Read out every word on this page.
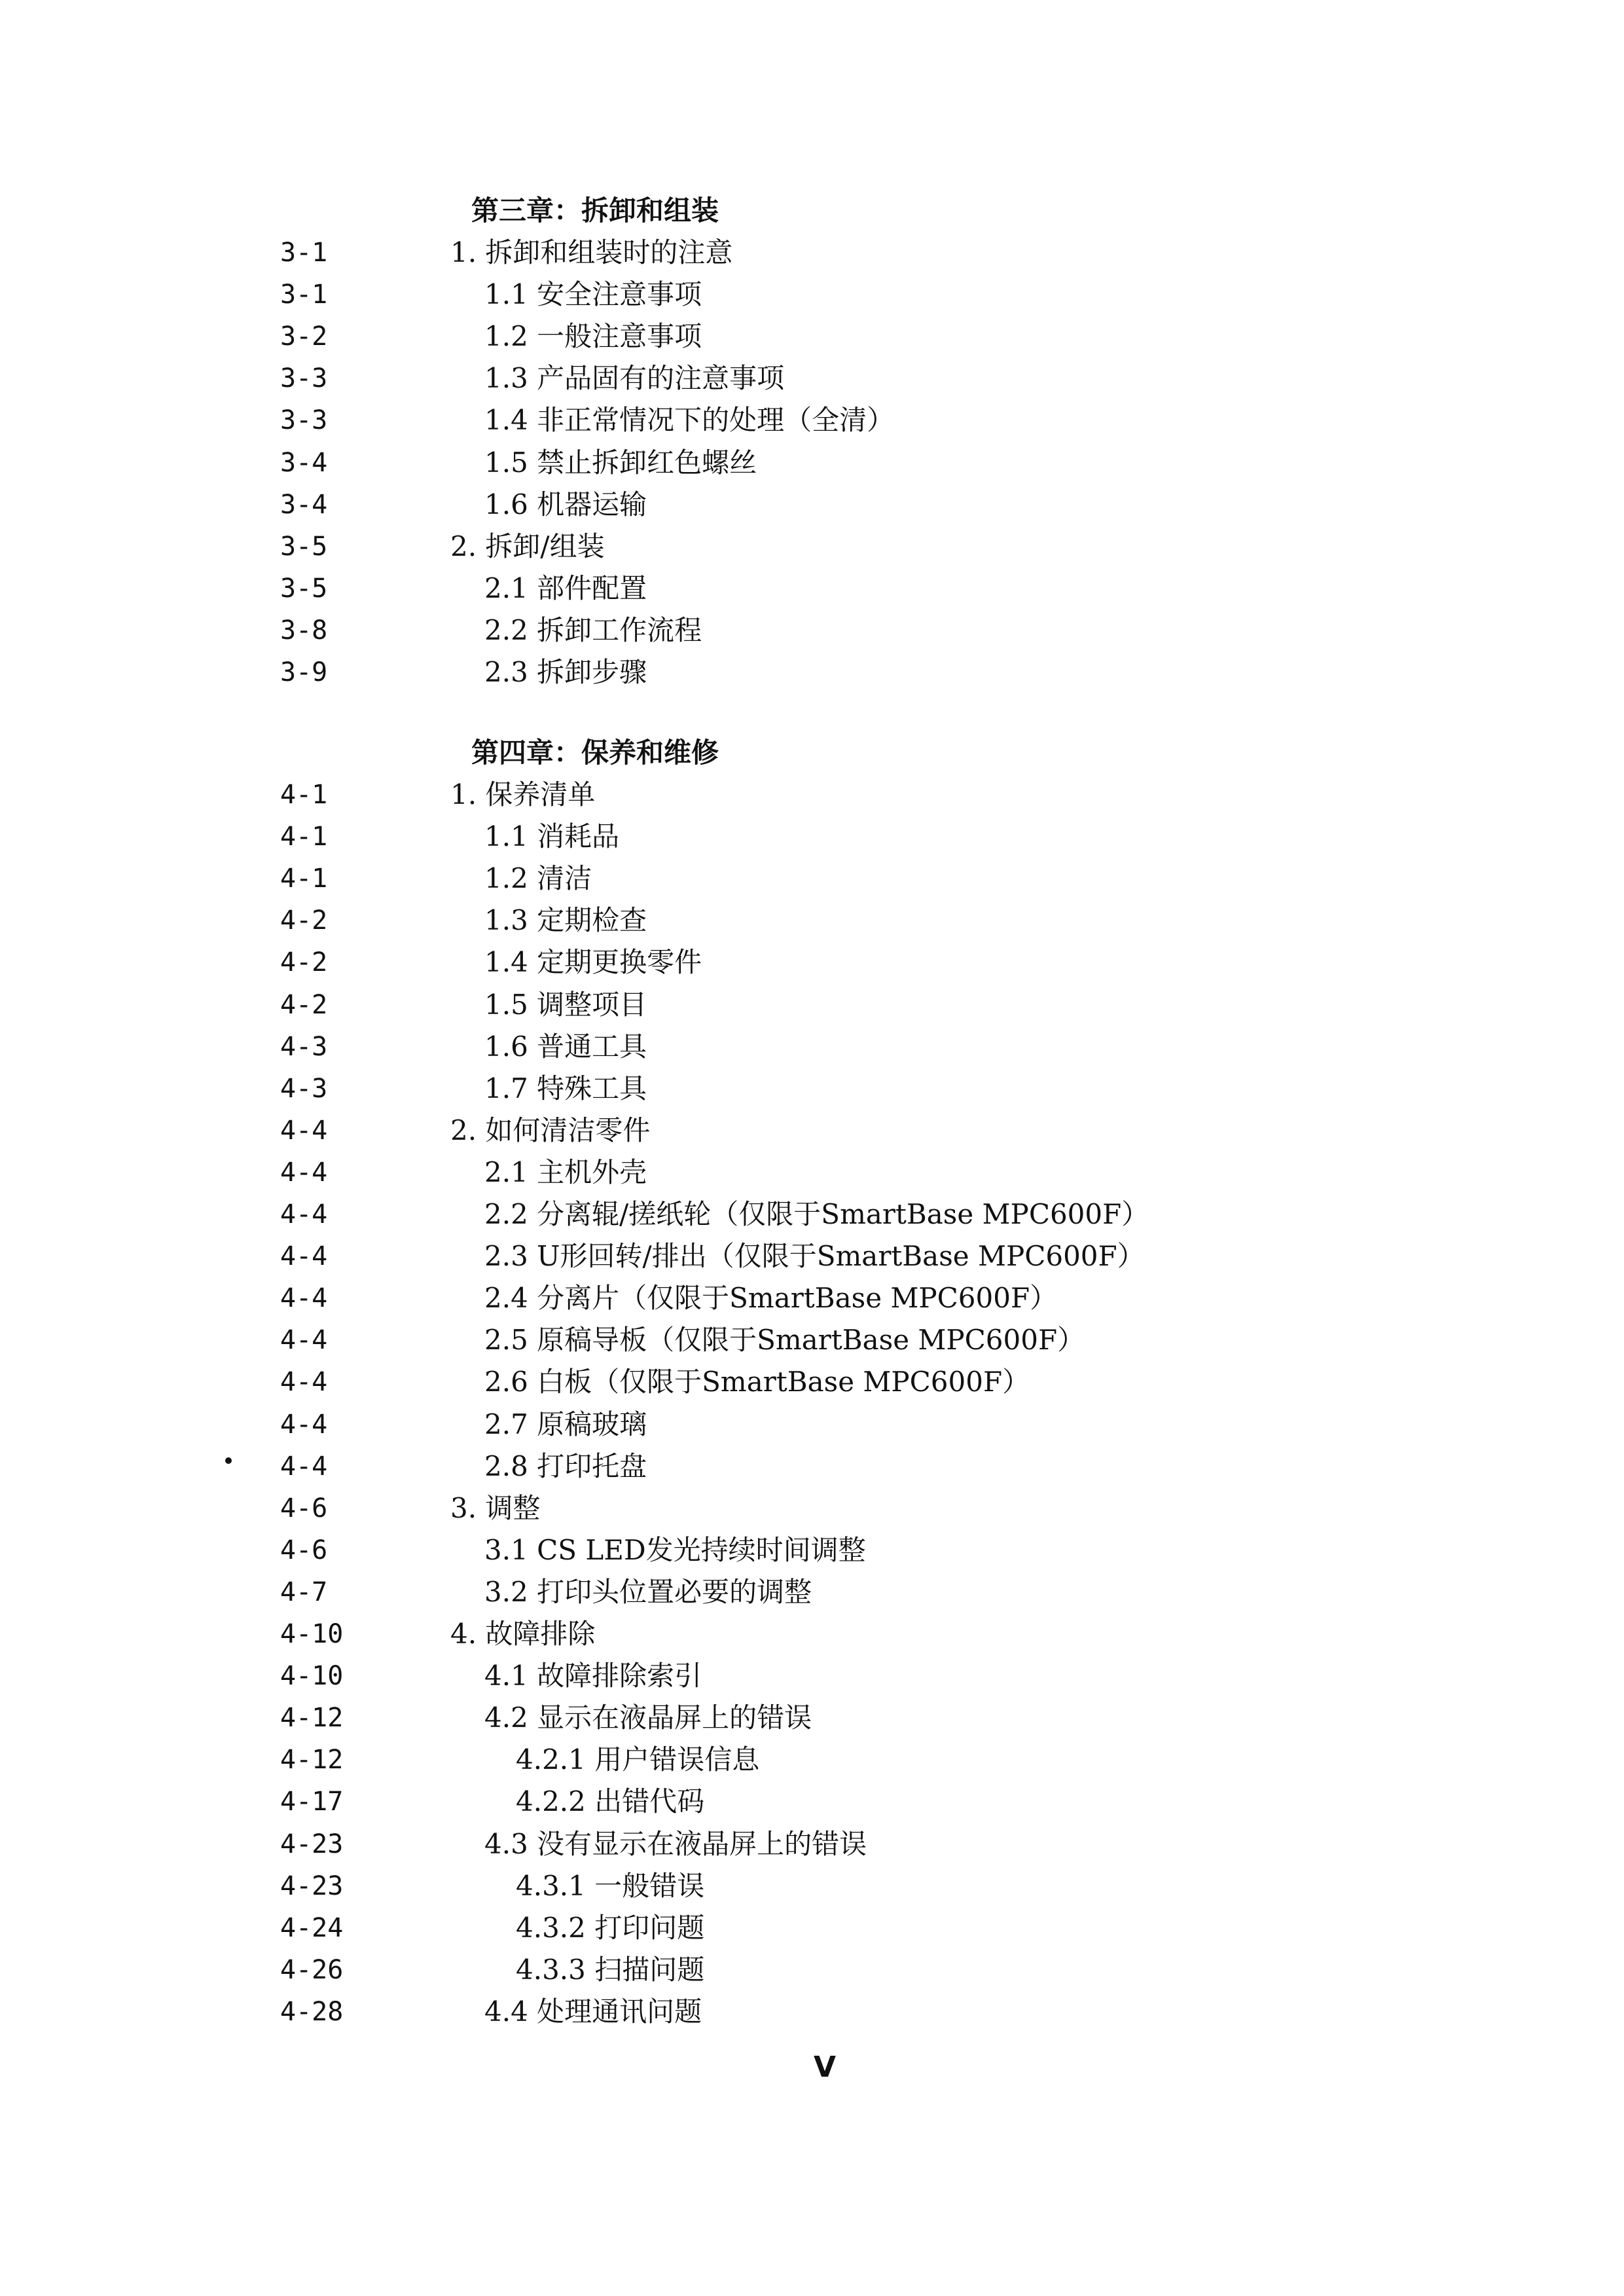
第三章：拆卸和组装
3-1	1. 拆卸和组装时的注意
3-1	1.1 安全注意事项
3-2	1.2 一般注意事项
3-3	1.3 产品固有的注意事项
3-3	1.4 非正常情况下的处理（全清）
3-4	1.5 禁止拆卸红色螺丝
3-4	1.6 机器运输
3-5	2. 拆卸/组装
3-5	2.1 部件配置
3-8	2.2 拆卸工作流程
3-9	2.3 拆卸步骤
第四章：保养和维修
4-1	1. 保养清单
4-1	1.1 消耗品
4-1	1.2 清洁
4-2	1.3 定期检查
4-2	1.4 定期更换零件
4-2	1.5 调整项目
4-3	1.6 普通工具
4-3	1.7 特殊工具
4-4	2. 如何清洁零件
4-4	2.1 主机外壳
4-4	2.2 分离辊/搓纸轮（仅限于SmartBase MPC600F）
4-4	2.3 U形回转/排出（仅限于SmartBase MPC600F）
4-4	2.4 分离片（仅限于SmartBase MPC600F）
4-4	2.5 原稿导板（仅限于SmartBase MPC600F）
4-4	2.6 白板（仅限于SmartBase MPC600F）
4-4	2.7 原稿玻璃
4-4	2.8 打印托盘
4-6	3. 调整
4-6	3.1 CS LED发光持续时间调整
4-7	3.2 打印头位置必要的调整
4-10	4. 故障排除
4-10	4.1 故障排除索引
4-12	4.2 显示在液晶屏上的错误
4-12	4.2.1 用户错误信息
4-17	4.2.2 出错代码
4-23	4.3 没有显示在液晶屏上的错误
4-23	4.3.1 一般错误
4-24	4.3.2 打印问题
4-26	4.3.3 扫描问题
4-28	4.4 处理通讯问题
V
